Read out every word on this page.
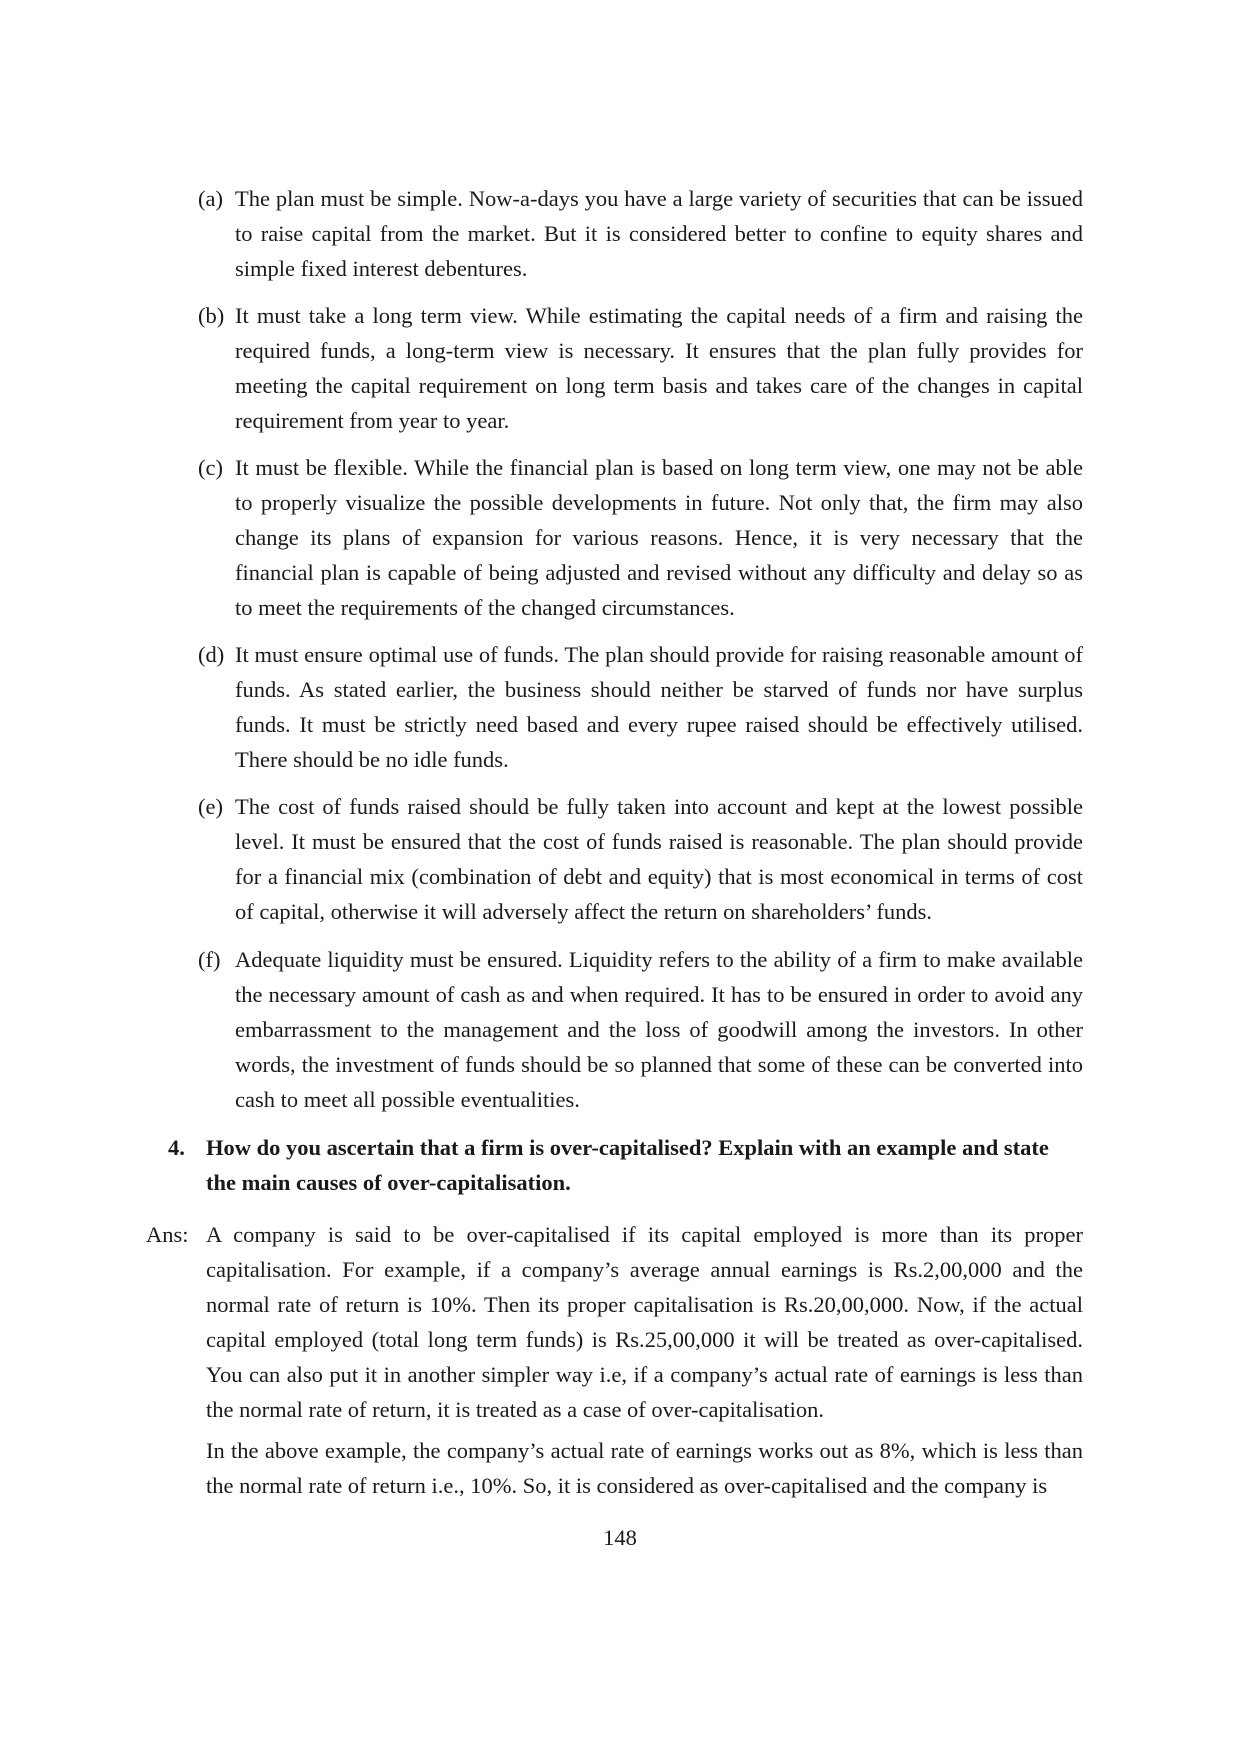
(a) The plan must be simple. Now-a-days you have a large variety of securities that can be issued to raise capital from the market. But it is considered better to confine to equity shares and simple fixed interest debentures.

(b) It must take a long term view. While estimating the capital needs of a firm and raising the required funds, a long-term view is necessary. It ensures that the plan fully provides for meeting the capital requirement on long term basis and takes care of the changes in capital requirement from year to year.

(c) It must be flexible. While the financial plan is based on long term view, one may not be able to properly visualize the possible developments in future. Not only that, the firm may also change its plans of expansion for various reasons. Hence, it is very necessary that the financial plan is capable of being adjusted and revised without any difficulty and delay so as to meet the requirements of the changed circumstances.

(d) It must ensure optimal use of funds. The plan should provide for raising reasonable amount of funds. As stated earlier, the business should neither be starved of funds nor have surplus funds. It must be strictly need based and every rupee raised should be effectively utilised. There should be no idle funds.

(e) The cost of funds raised should be fully taken into account and kept at the lowest possible level. It must be ensured that the cost of funds raised is reasonable. The plan should provide for a financial mix (combination of debt and equity) that is most economical in terms of cost of capital, otherwise it will adversely affect the return on shareholders’ funds.

(f) Adequate liquidity must be ensured. Liquidity refers to the ability of a firm to make available the necessary amount of cash as and when required. It has to be ensured in order to avoid any embarrassment to the management and the loss of goodwill among the investors. In other words, the investment of funds should be so planned that some of these can be converted into cash to meet all possible eventualities.

4. How do you ascertain that a firm is over-capitalised? Explain with an example and state the main causes of over-capitalisation.
Ans: A company is said to be over-capitalised if its capital employed is more than its proper capitalisation. For example, if a company’s average annual earnings is Rs.2,00,000 and the normal rate of return is 10%. Then its proper capitalisation is Rs.20,00,000. Now, if the actual capital employed (total long term funds) is Rs.25,00,000 it will be treated as over-capitalised. You can also put it in another simpler way i.e, if a company’s actual rate of earnings is less than the normal rate of return, it is treated as a case of over-capitalisation.

In the above example, the company’s actual rate of earnings works out as 8%, which is less than the normal rate of return i.e., 10%. So, it is considered as over-capitalised and the company is

148
